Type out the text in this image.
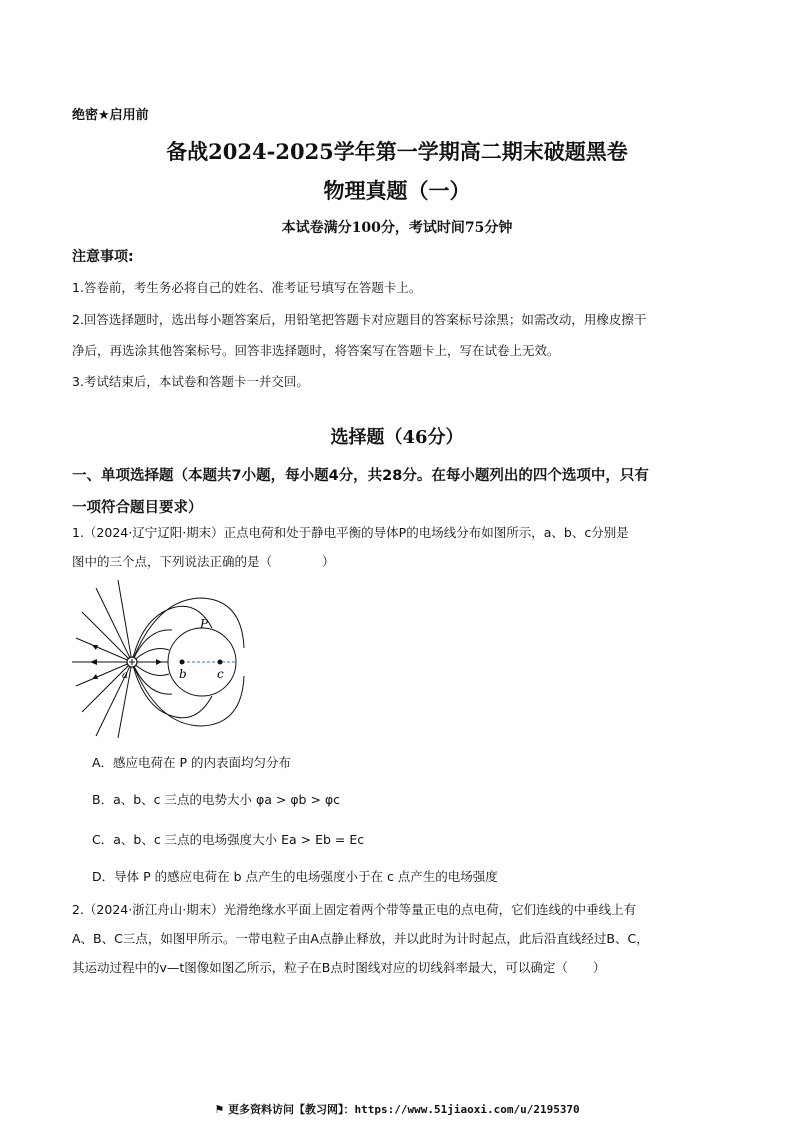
绝密★启用前
备战2024-2025学年第一学期高二期末破题黑卷
物理真题（一）
本试卷满分100分，考试时间75分钟
注意事项:
1.答卷前，考生务必将自己的姓名、准考证号填写在答题卡上。
2.回答选择题时，选出每小题答案后，用铅笔把答题卡对应题目的答案标号涂黑；如需改动，用橡皮擦干
净后，再选涂其他答案标号。回答非选择题时，将答案写在答题卡上，写在试卷上无效。
3.考试结束后，本试卷和答题卡一并交回。
选择题（46分）
一、单项选择题（本题共7小题，每小题4分，共28分。在每小题列出的四个选项中，只有
一项符合题目要求）
1.（2024·辽宁辽阳·期末）正点电荷和处于静电平衡的导体P的电场线分布如图所示，a、b、c分别是
图中的三个点，下列说法正确的是（　　　　）
P
b	c
a
A．感应电荷在 P 的内表面均匀分布
B．a、b、c 三点的电势大小 φa > φb > φc
C．a、b、c 三点的电场强度大小 Ea > Eb = Ec
D．导体 P 的感应电荷在 b 点产生的电场强度小于在 c 点产生的电场强度
2.（2024·浙江舟山·期末）光滑绝缘水平面上固定着两个带等量正电的点电荷，它们连线的中垂线上有
A、B、C三点，如图甲所示。一带电粒子由A点静止释放，并以此时为计时起点，此后沿直线经过B、C，
其运动过程中的v—t图像如图乙所示，粒子在B点时图线对应的切线斜率最大，可以确定（　　）
⚑ 更多资料访问【教习网】：https://www.51jiaoxi.com/u/2195370
